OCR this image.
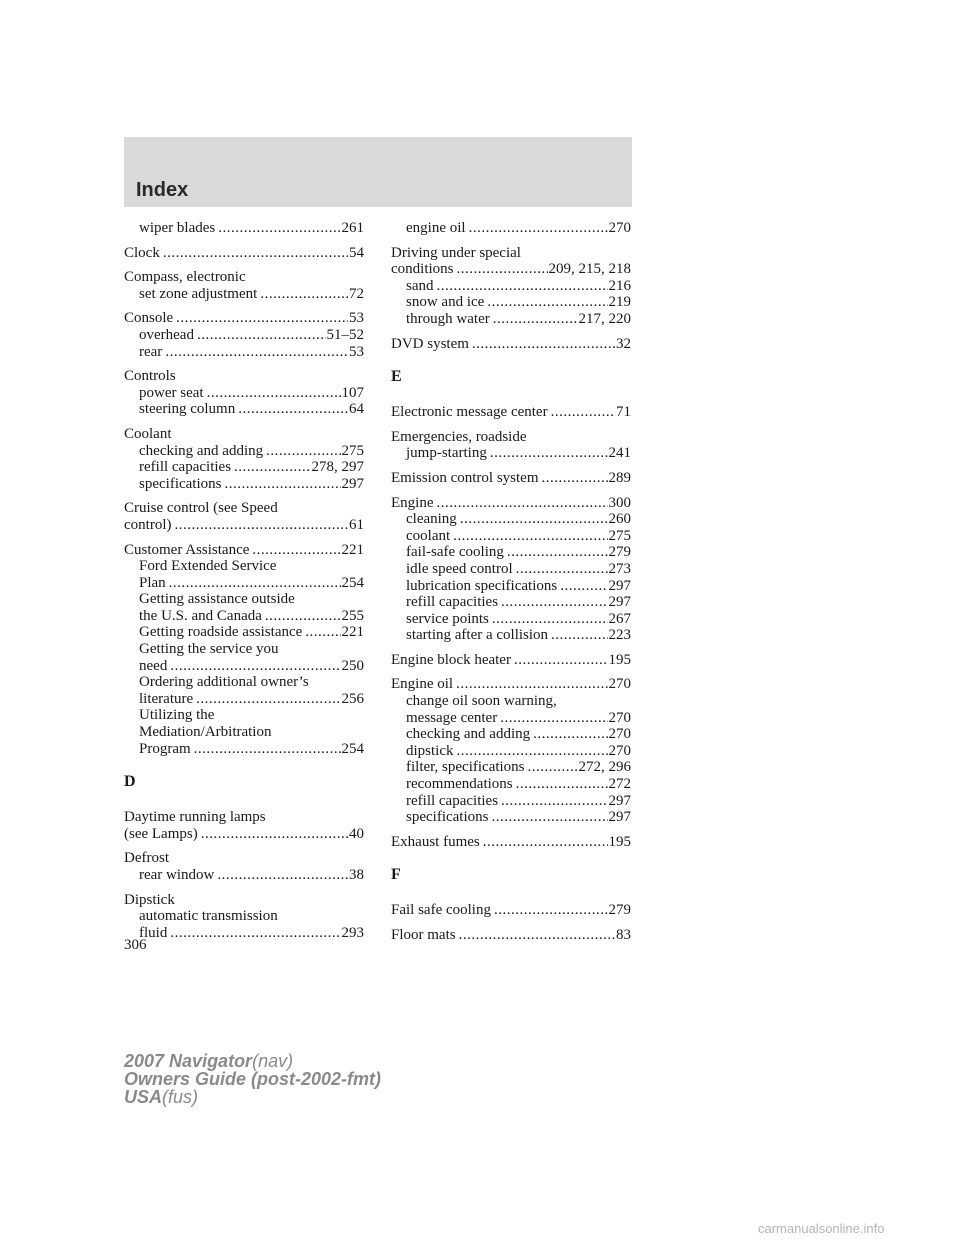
Index
wiper blades .....	261
Clock .....	54
Compass, electronic
set zone adjustment .....	72
Console .....	53
overhead .....	51–52
rear .....	53
Controls
power seat .....	107
steering column .....	64
Coolant
checking and adding .....	275
refill capacities .....	278, 297
specifications .....	297
Cruise control (see Speed
control) .....	61
Customer Assistance .....	221
Ford Extended Service
Plan .....	254
Getting assistance outside
the U.S. and Canada .....	255
Getting roadside assistance .....	221
Getting the service you
need .....	250
Ordering additional owner’s
literature .....	256
Utilizing the
Mediation/Arbitration
Program .....	254
D
Daytime running lamps
(see Lamps) .....	40
Defrost
rear window .....	38
Dipstick
automatic transmission
fluid .....	293
engine oil .....	270
Driving under special
conditions .....	209, 215, 218
sand .....	216
snow and ice .....	219
through water .....	217, 220
DVD system .....	32
E
Electronic message center .....	71
Emergencies, roadside
jump-starting .....	241
Emission control system .....	289
Engine .....	300
cleaning .....	260
coolant .....	275
fail-safe cooling .....	279
idle speed control .....	273
lubrication specifications .....	297
refill capacities .....	297
service points .....	267
starting after a collision .....	223
Engine block heater .....	195
Engine oil .....	270
change oil soon warning,
message center .....	270
checking and adding .....	270
dipstick .....	270
filter, specifications .....	272, 296
recommendations .....	272
refill capacities .....	297
specifications .....	297
Exhaust fumes .....	195
F
Fail safe cooling .....	279
Floor mats .....	83
306
2007 Navigator(nav)
Owners Guide (post-2002-fmt)
USA(fus)
carmanualsonline.info
